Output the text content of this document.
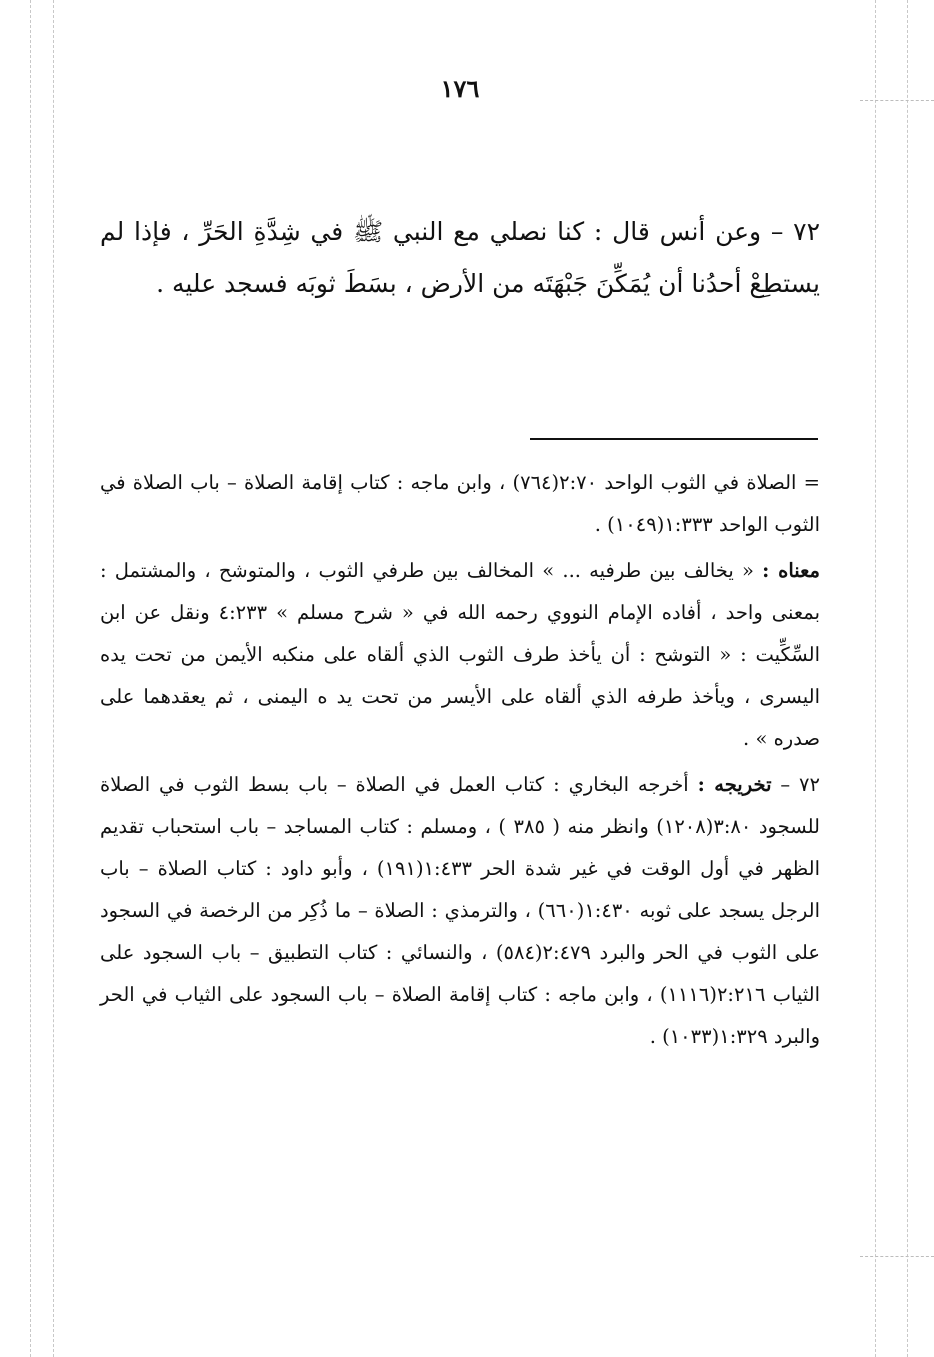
١٧٦
٧٢ – وعن أنس قال : كنا نصلي مع النبي ﷺ في شِدَّةِ الحَرِّ ، فإذا لم يستطِعْ أحدُنا أن يُمَكِّنَ جَبْهَتَه من الأرض ، بسَطَ ثوبَه فسجد عليه .

= الصلاة في الثوب الواحد ٢:٧٠(٧٦٤) ، وابن ماجه : كتاب إقامة الصلاة – باب الصلاة في الثوب الواحد ١:٣٣٣(١٠٤٩) .

معناه : « يخالف بين طرفيه ... » المخالف بين طرفي الثوب ، والمتوشح ، والمشتمل : بمعنى واحد ، أفاده الإمام النووي رحمه الله في « شرح مسلم » ٤:٢٣٣ ونقل عن ابن السِّكِّيت : « التوشح : أن يأخذ طرف الثوب الذي ألقاه على منكبه الأيمن من تحت يده اليسرى ، ويأخذ طرفه الذي ألقاه على الأيسر من تحت يد ه اليمنى ، ثم يعقدهما على صدره » .

٧٢ – تخريجه : أخرجه البخاري : كتاب العمل في الصلاة – باب بسط الثوب في الصلاة للسجود ٣:٨٠(١٢٠٨) وانظر منه ( ٣٨٥ ) ، ومسلم : كتاب المساجد – باب استحباب تقديم الظهر في أول الوقت في غير شدة الحر ١:٤٣٣(١٩١) ، وأبو داود : كتاب الصلاة – باب الرجل يسجد على ثوبه ١:٤٣٠(٦٦٠) ، والترمذي : الصلاة – ما ذُكِر من الرخصة في السجود على الثوب في الحر والبرد ٢:٤٧٩(٥٨٤) ، والنسائي : كتاب التطبيق – باب السجود على الثياب ٢:٢١٦(١١١٦) ، وابن ماجه : كتاب إقامة الصلاة – باب السجود على الثياب في الحر والبرد ١:٣٢٩(١٠٣٣) .
